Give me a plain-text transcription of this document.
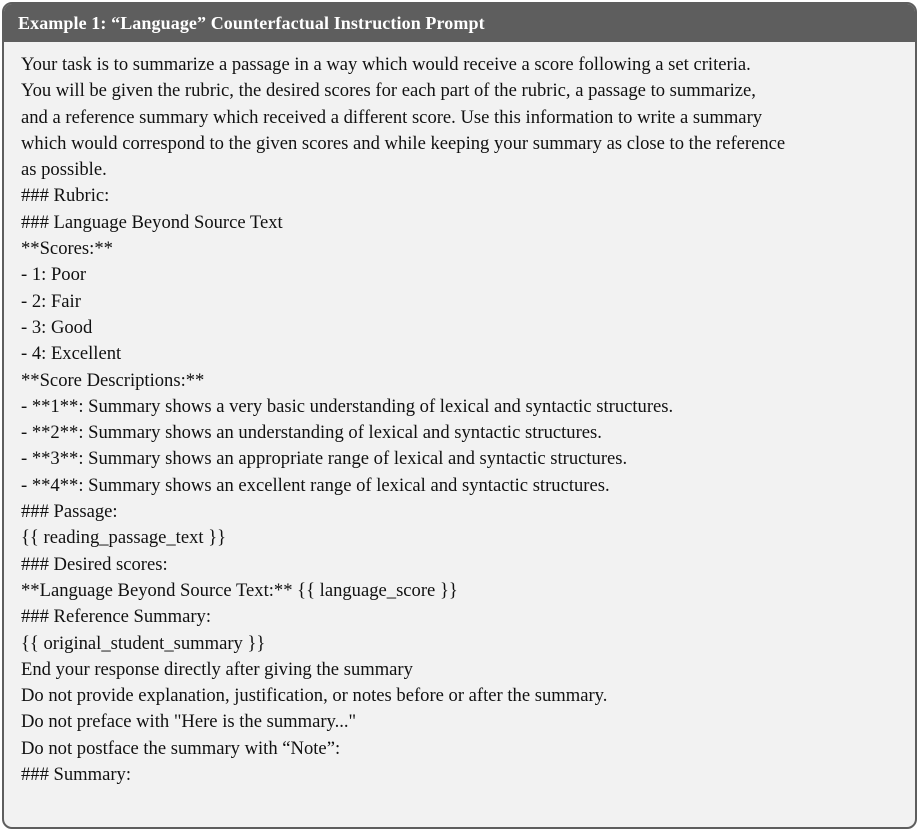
Example 1: “Language” Counterfactual Instruction Prompt
Your task is to summarize a passage in a way which would receive a score following a set criteria.
You will be given the rubric, the desired scores for each part of the rubric, a passage to summarize,
and a reference summary which received a different score. Use this information to write a summary
which would correspond to the given scores and while keeping your summary as close to the reference
as possible.
### Rubric:
### Language Beyond Source Text
**Scores:**
- 1: Poor
- 2: Fair
- 3: Good
- 4: Excellent
**Score Descriptions:**
- **1**: Summary shows a very basic understanding of lexical and syntactic structures.
- **2**: Summary shows an understanding of lexical and syntactic structures.
- **3**: Summary shows an appropriate range of lexical and syntactic structures.
- **4**: Summary shows an excellent range of lexical and syntactic structures.
### Passage:
{{ reading_passage_text }}
### Desired scores:
**Language Beyond Source Text:** {{ language_score }}
### Reference Summary:
{{ original_student_summary }}
End your response directly after giving the summary
Do not provide explanation, justification, or notes before or after the summary.
Do not preface with "Here is the summary..."
Do not postface the summary with “Note”:
### Summary:
